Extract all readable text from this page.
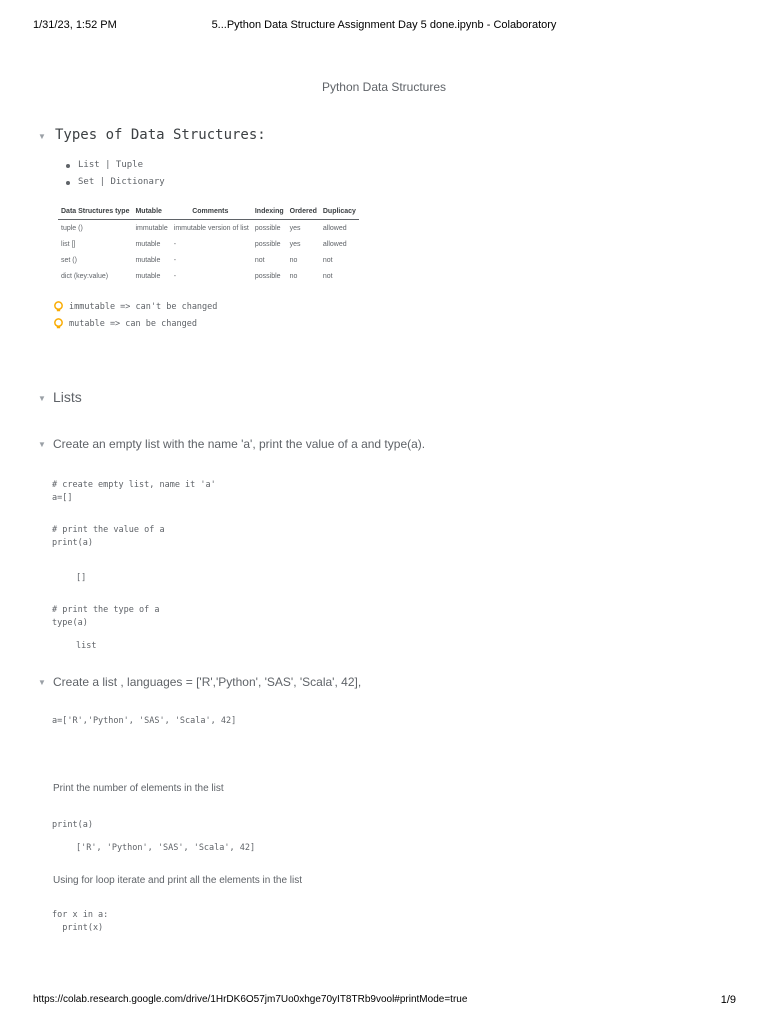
1/31/23, 1:52 PM	5...Python Data Structure Assignment Day 5 done.ipynb - Colaboratory
Python Data Structures
▼ Types of Data Structures:
List | Tuple
Set | Dictionary
Data Structures type	Mutable	Comments	Indexing	Ordered	Duplicacy
tuple ()	immutable	immutable version of list	possible	yes	allowed
list []	mutable	-	possible	yes	allowed
set ()	mutable	-	not	no	not
dict (key:value)	mutable	-	possible	no	not
immutable => can't be changed
mutable => can be changed
▼ Lists
▼ Create an empty list with the name 'a', print the value of a and type(a).
# create empty list, name it 'a'
a=[]
# print the value of a
print(a)
[]
# print the type of a
type(a)
list
▼ Create a list , languages = ['R','Python', 'SAS', 'Scala', 42],
a=['R','Python', 'SAS', 'Scala', 42]
Print the number of elements in the list
print(a)
['R', 'Python', 'SAS', 'Scala', 42]
Using for loop iterate and print all the elements in the list
for x in a:
print(x)
https://colab.research.google.com/drive/1HrDK6O57jm7Uo0xhge70yIT8TRb9vool#printMode=true	1/9
